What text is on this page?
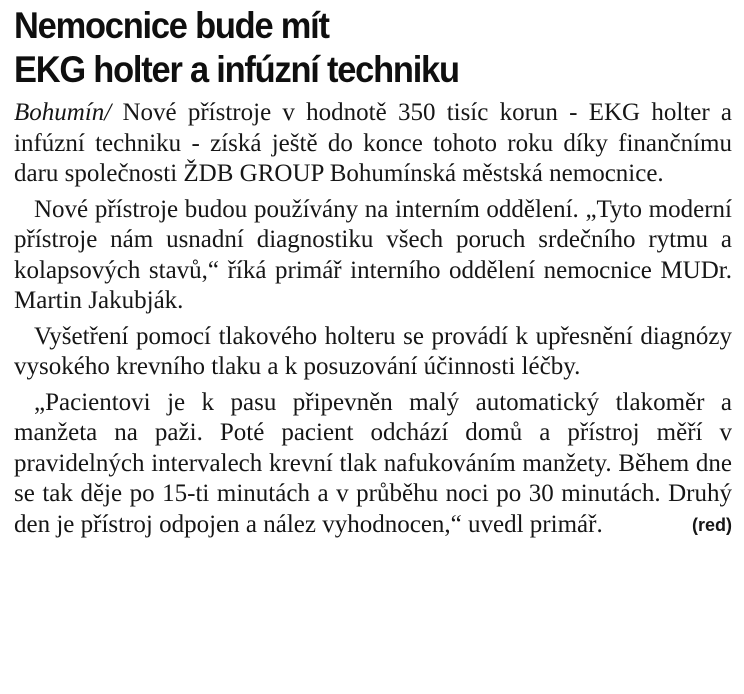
Nemocnice bude mít
EKG holter a infúzní techniku

Bohumín/ Nové přístroje v hodnotě 350 tisíc korun - EKG holter a infúzní techniku - získá ještě do konce tohoto roku díky finančnímu daru společnosti ŽDB GROUP Bohumínská městská nemocnice.

Nové přístroje budou používány na interním oddělení. „Tyto moderní přístroje nám usnadní diagnostiku všech poruch srdečního rytmu a kolapsových stavů,“ říká primář interního oddělení nemocnice MUDr. Martin Jakubják.

Vyšetření pomocí tlakového holteru se provádí k upřesnění diagnózy vysokého krevního tlaku a k posuzování účinnosti léčby.

„Pacientovi je k pasu připevněn malý automatický tlakoměr a manžeta na paži. Poté pacient odchází domů a přístroj měří v pravidelných intervalech krevní tlak nafukováním manžety. Během dne se tak děje po 15-ti minutách a v průběhu noci po 30 minutách. Druhý den je přístroj odpojen a nález vyhodnocen,“ uvedl primář.	(red)
